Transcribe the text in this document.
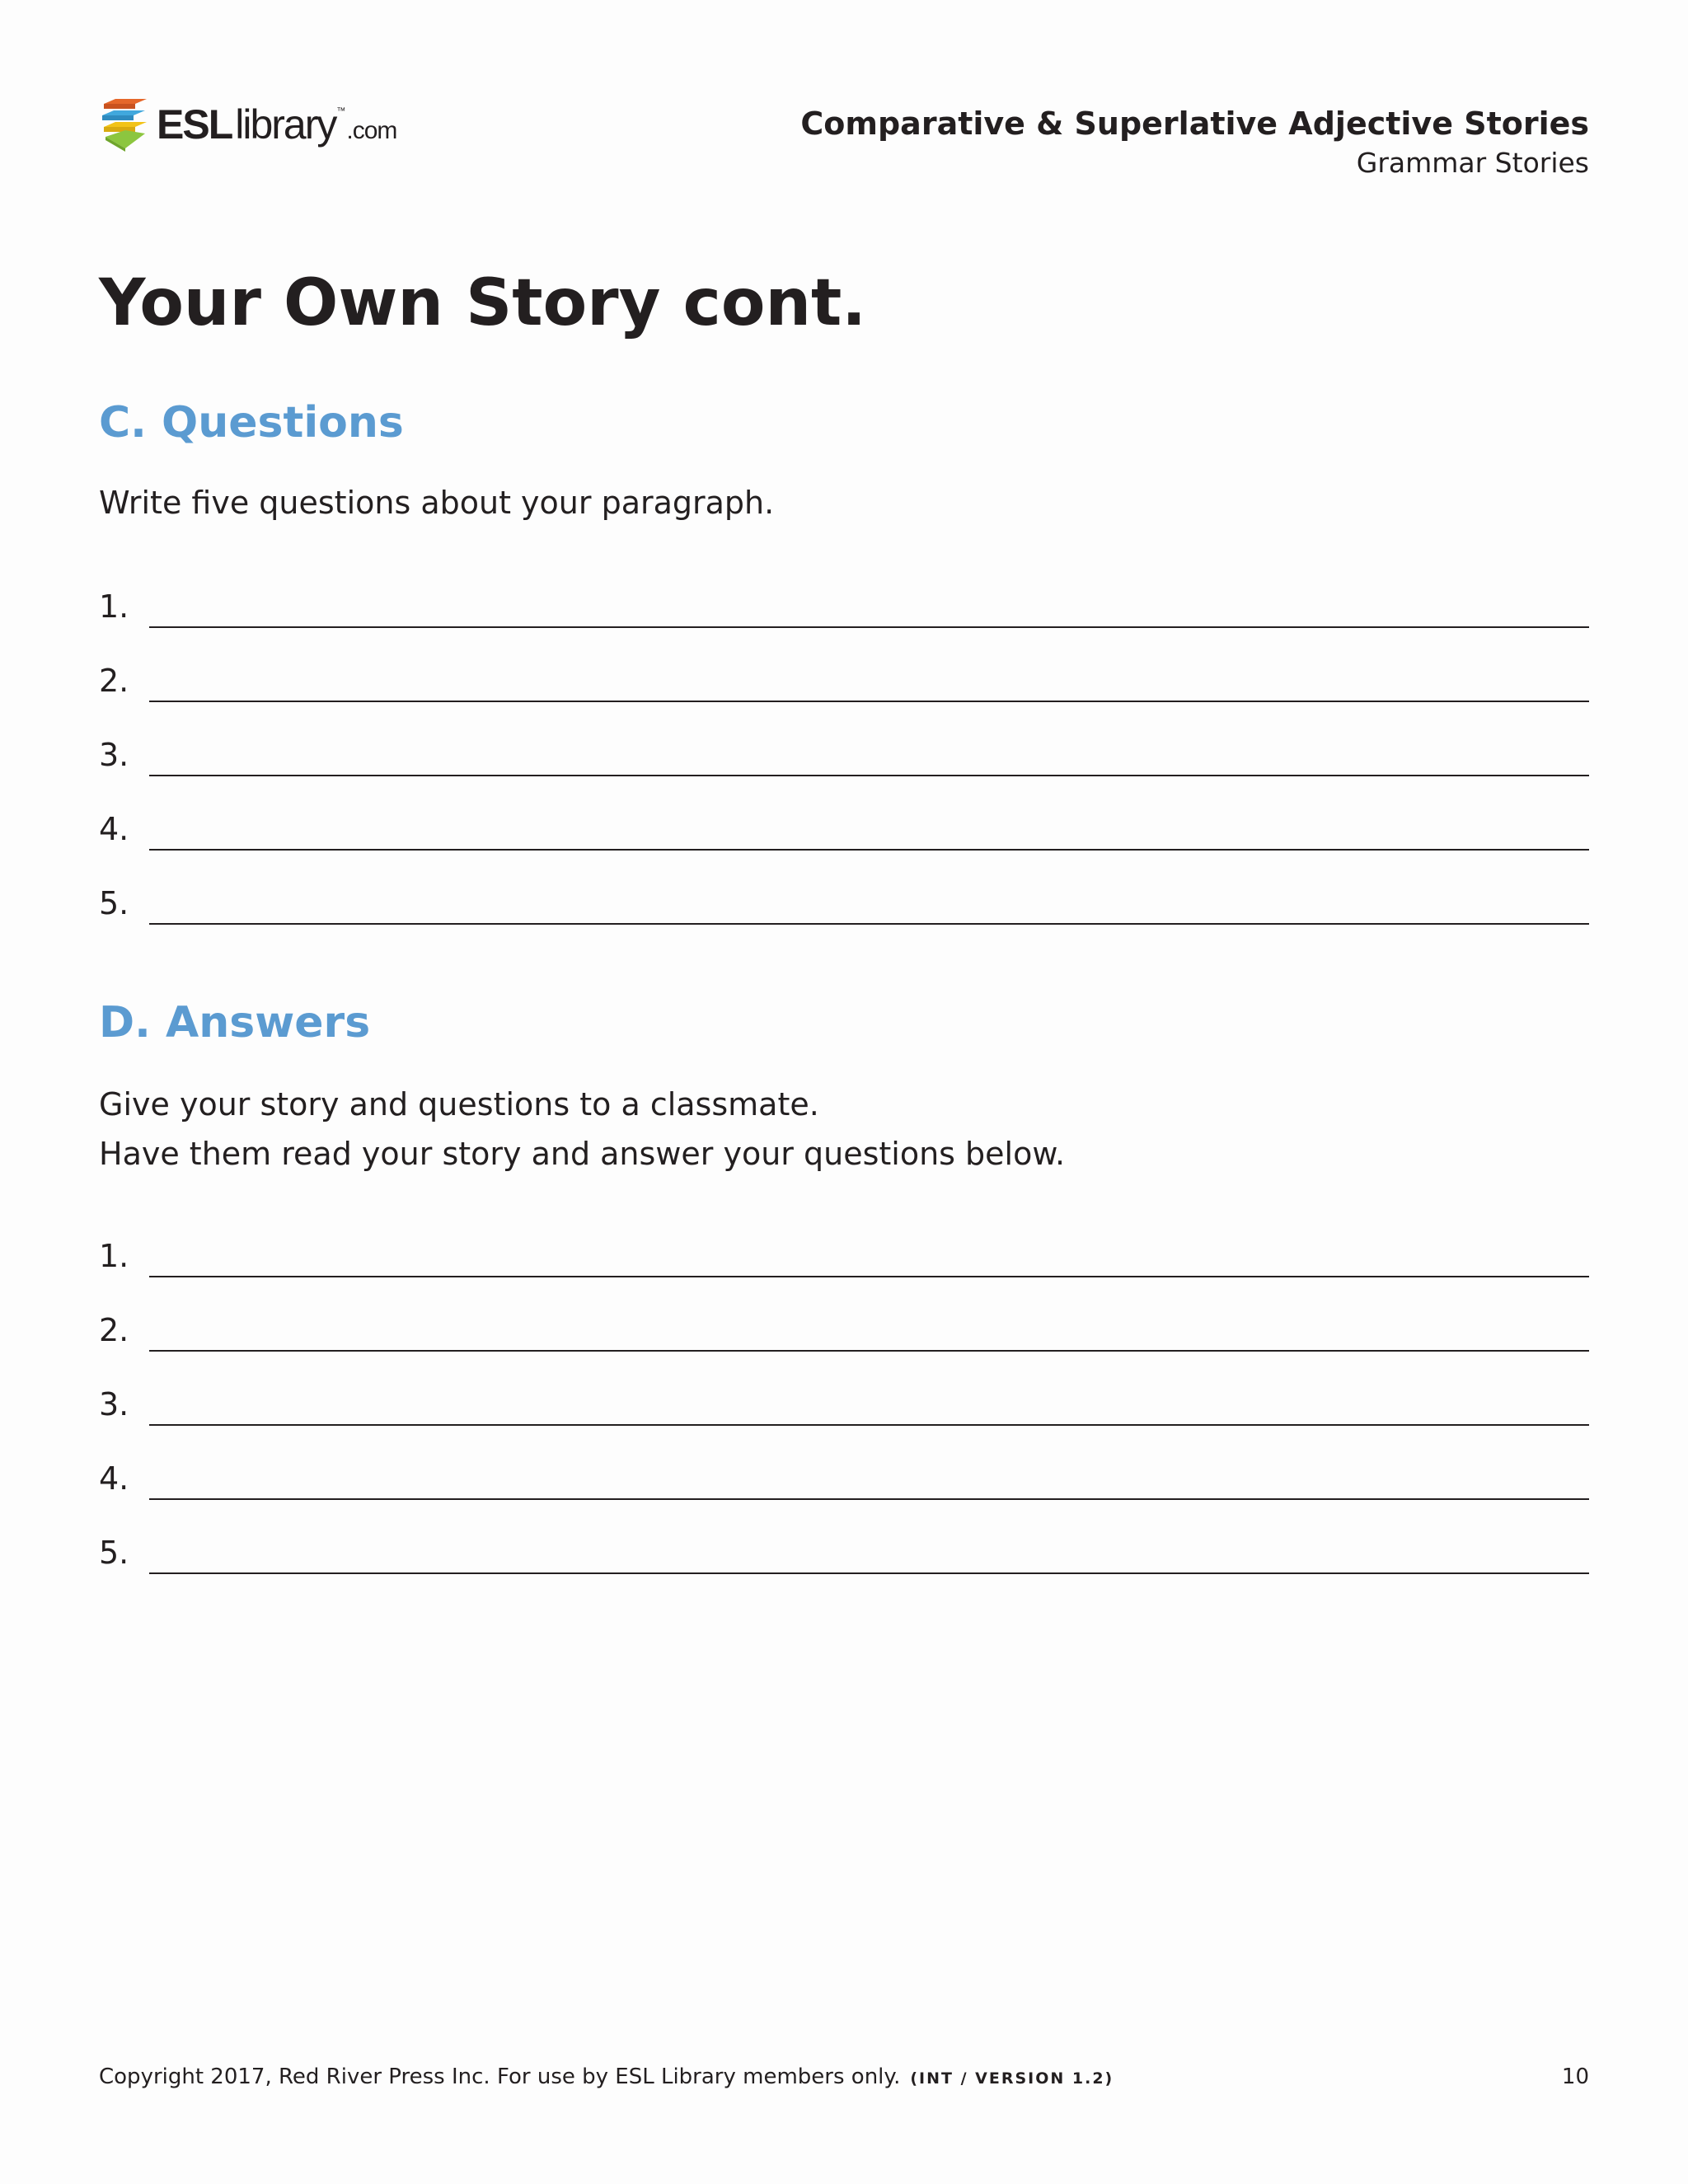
ESL library ™
.com	Comparative & Superlative Adjective Stories
Grammar Stories
Your Own Story cont.
C. Questions
Write five questions about your paragraph.
1.
2.
3.
4.
5.
D. Answers
Give your story and questions to a classmate.
Have them read your story and answer your questions below.
1.
2.
3.
4.
5.
Copyright 2017, Red River Press Inc. For use by ESL Library members only. (INT / VERSION 1.2)	10
